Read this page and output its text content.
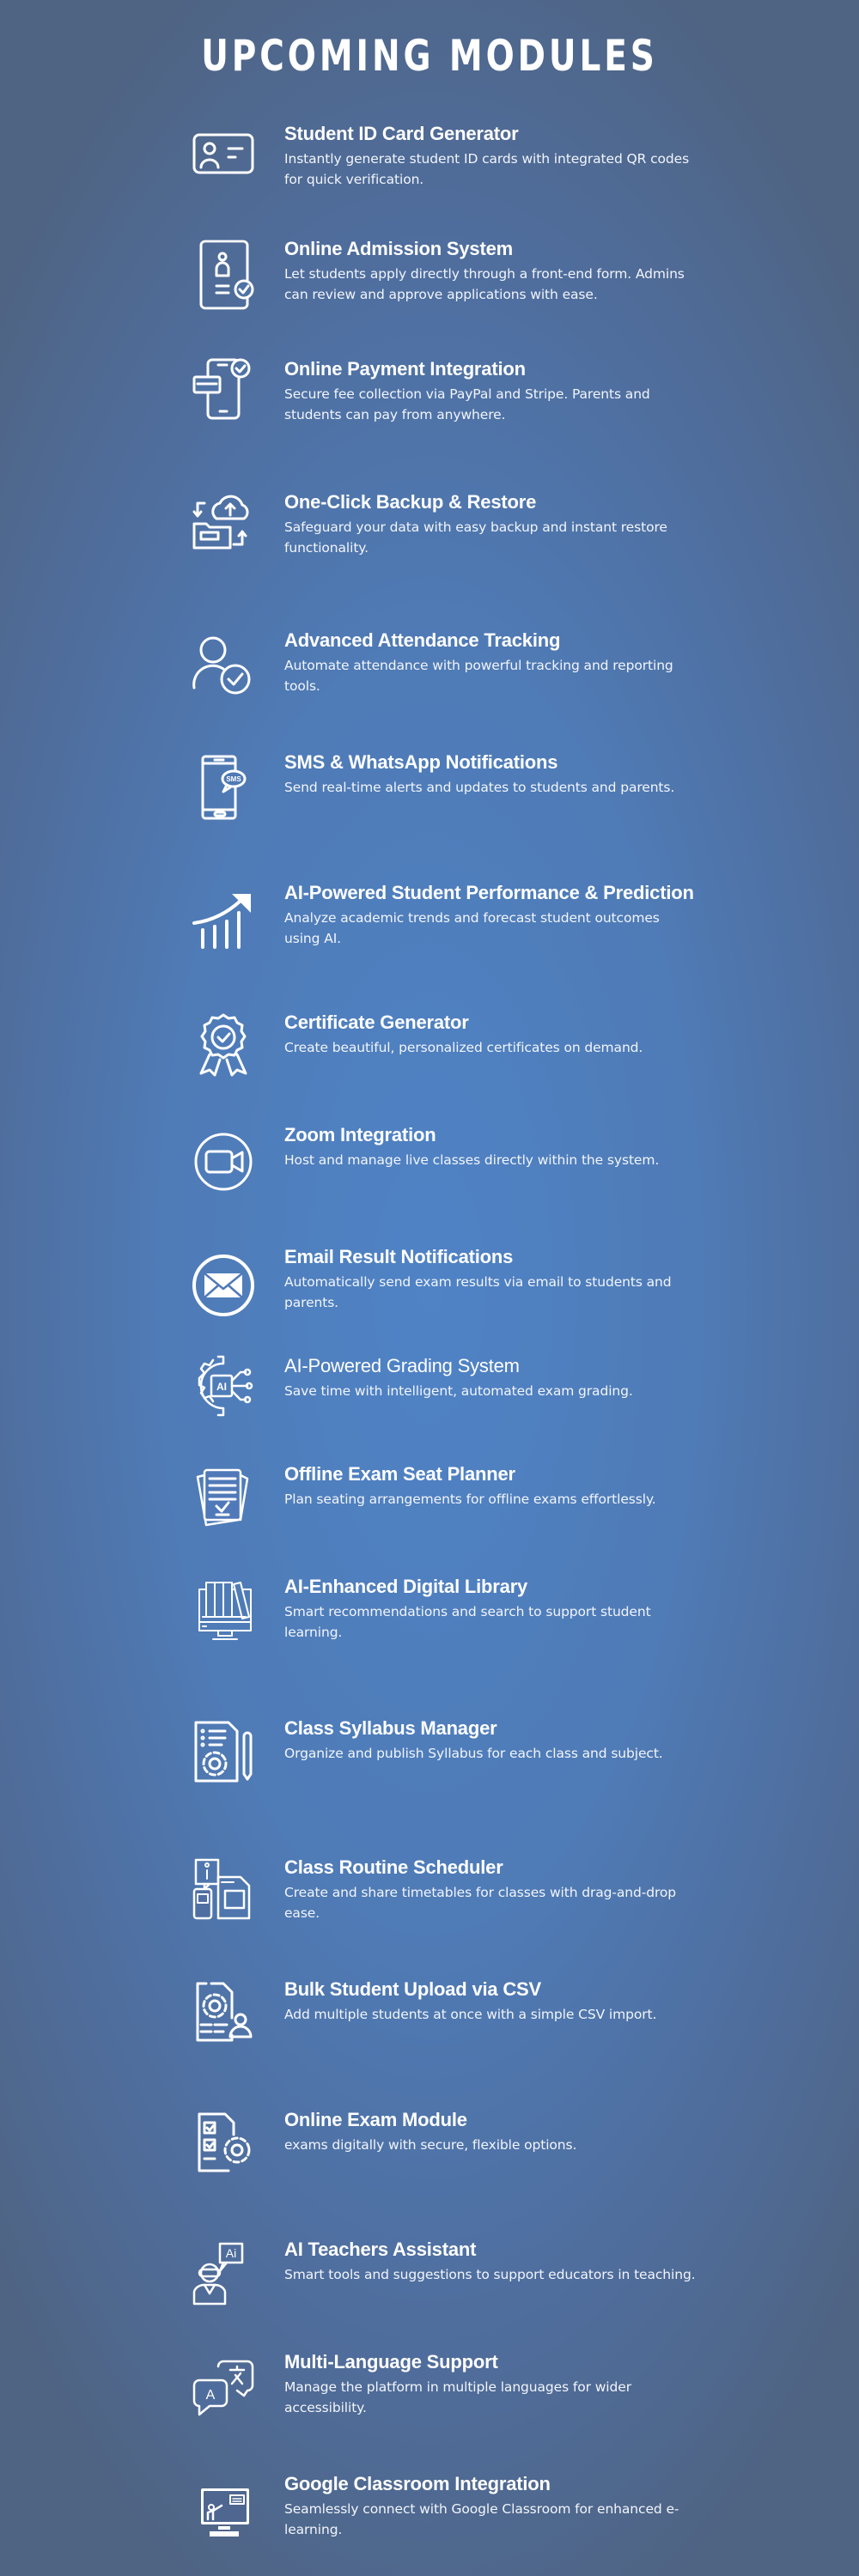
UPCOMING MODULES
Student ID Card Generator
Instantly generate student ID cards with integrated QR codes for quick verification.
Online Admission System
Let students apply directly through a front-end form. Admins can review and approve applications with ease.
Online Payment Integration
Secure fee collection via PayPal and Stripe. Parents and students can pay from anywhere.
One-Click Backup & Restore
Safeguard your data with easy backup and instant restore functionality.
Advanced Attendance Tracking
Automate attendance with powerful tracking and reporting tools.
SMS
SMS & WhatsApp Notifications
Send real-time alerts and updates to students and parents.
AI-Powered Student Performance & Prediction
Analyze academic trends and forecast student outcomes using AI.
Certificate Generator
Create beautiful, personalized certificates on demand.
Zoom Integration
Host and manage live classes directly within the system.
Email Result Notifications
Automatically send exam results via email to students and parents.
AI
AI-Powered Grading System
Save time with intelligent, automated exam grading.
Offline Exam Seat Planner
Plan seating arrangements for offline exams effortlessly.
AI-Enhanced Digital Library
Smart recommendations and search to support student learning.
Class Syllabus Manager
Organize and publish Syllabus for each class and subject.
Class Routine Scheduler
Create and share timetables for classes with drag-and-drop ease.
Bulk Student Upload via CSV
Add multiple students at once with a simple CSV import.
Online Exam Module
exams digitally with secure, flexible options.
Ai	AI Teachers Assistant
Smart tools and suggestions to support educators in teaching.
A
Multi-Language Support
Manage the platform in multiple languages for wider accessibility.
Google Classroom Integration
Seamlessly connect with Google Classroom for enhanced e-learning.
